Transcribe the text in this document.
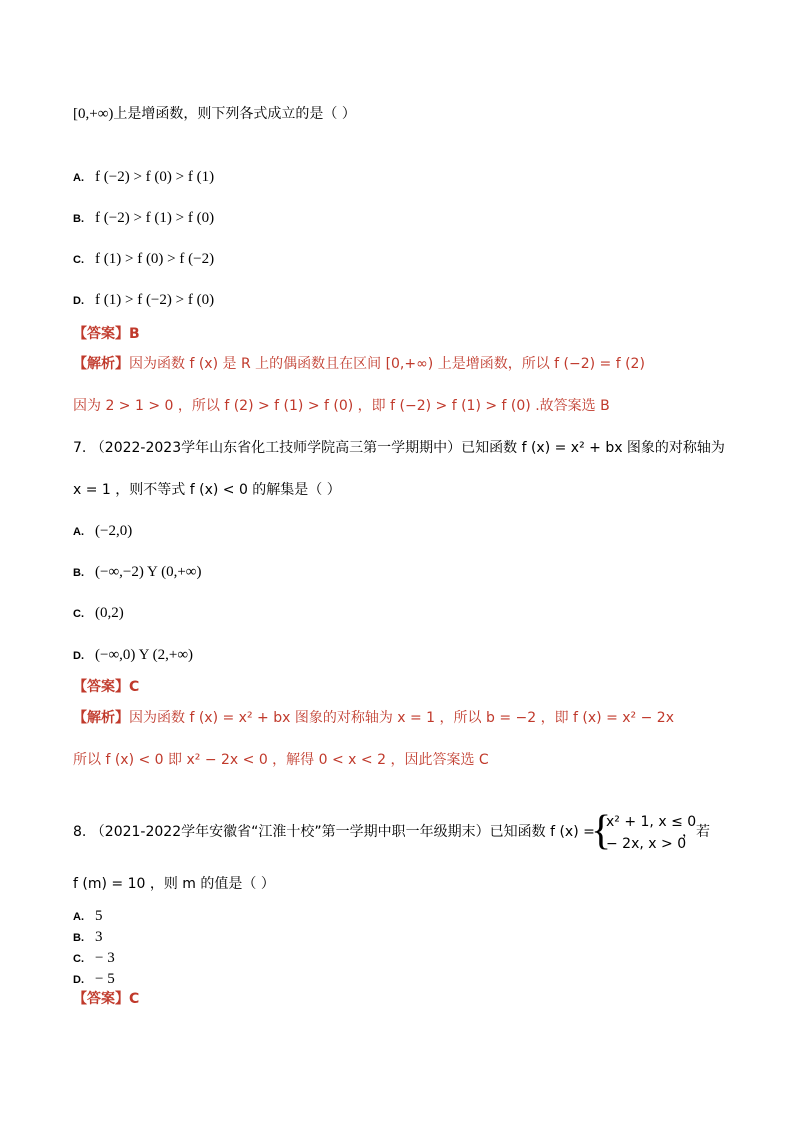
[0,+∞)上是增函数，则下列各式成立的是（ ）
A. f (−2) > f (0) > f (1)
B. f (−2) > f (1) > f (0)
C. f (1) > f (0) > f (−2)
D. f (1) > f (−2) > f (0)
【答案】B
【解析】因为函数 f (x) 是 R 上的偶函数且在区间 [0,+∞) 上是增函数，所以 f (−2) = f (2)
因为 2 > 1 > 0 ，所以 f (2) > f (1) > f (0) ，即 f (−2) > f (1) > f (0) .故答案选 B
7. （2022-2023学年山东省化工技师学院高三第一学期期中）已知函数 f (x) = x² + bx 图象的对称轴为
x = 1 ，则不等式 f (x) < 0 的解集是（ ）
A. (−2,0)
B. (−∞,−2) Y (0,+∞)
C. (0,2)
D. (−∞,0) Y (2,+∞)
【答案】C
【解析】因为函数 f (x) = x² + bx 图象的对称轴为 x = 1 ，所以 b = −2 ，即 f (x) = x² − 2x
所以 f (x) < 0 即 x² − 2x < 0 ，解得 0 < x < 2 ，因此答案选 C
8. （2021-2022学年安徽省“江淮十校”第一学期中职一年级期末）已知函数 f (x) =
{
x² + 1, x ≤ 0
− 2x, x > 0
，若
f (m) = 10 ，则 m 的值是（ ）
A. 5
B. 3
C. − 3
D. − 5
【答案】C
